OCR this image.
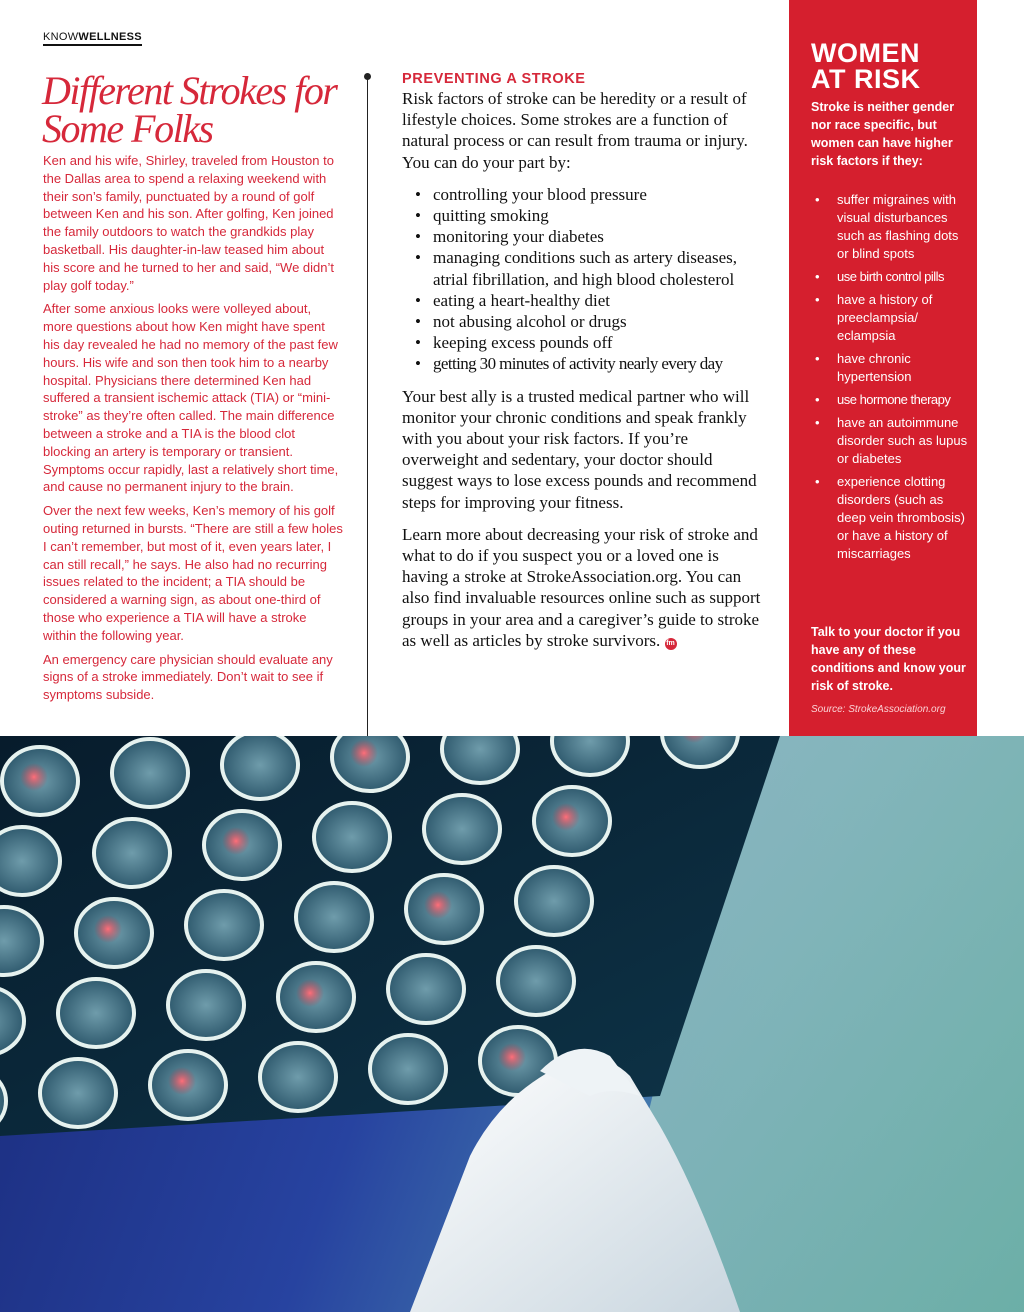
KNOWWELLNESS
Different Strokes for Some Folks

Ken and his wife, Shirley, traveled from Houston to the Dallas area to spend a relaxing weekend with their son’s family, punctuated by a round of golf between Ken and his son. After golfing, Ken joined the family outdoors to watch the grandkids play basketball. His daughter-in-law teased him about his score and he turned to her and said, “We didn’t play golf today.”

After some anxious looks were volleyed about, more questions about how Ken might have spent his day revealed he had no memory of the past few hours. His wife and son then took him to a nearby hospital. Physicians there determined Ken had suffered a transient ischemic attack (TIA) or “mini-stroke” as they’re often called. The main difference between a stroke and a TIA is the blood clot blocking an artery is temporary or transient. Symptoms occur rapidly, last a relatively short time, and cause no permanent injury to the brain.

Over the next few weeks, Ken’s memory of his golf outing returned in bursts. “There are still a few holes I can’t remember, but most of it, even years later, I can still recall,” he says. He also had no recurring issues related to the incident; a TIA should be considered a warning sign, as about one-third of those who experience a TIA will have a stroke within the following year.

An emergency care physician should evaluate any signs of a stroke immediately. Don’t wait to see if symptoms subside.

PREVENTING A STROKE

Risk factors of stroke can be heredity or a result of lifestyle choices. Some strokes are a function of natural process or can result from trauma or injury. You can do your part by:

• controlling your blood pressure
• quitting smoking
• monitoring your diabetes
• managing conditions such as artery diseases, atrial fibrillation, and high blood cholesterol
• eating a heart-healthy diet
• not abusing alcohol or drugs
• keeping excess pounds off
• getting 30 minutes of activity nearly every day

Your best ally is a trusted medical partner who will monitor your chronic conditions and speak frankly with you about your risk factors. If you’re overweight and sedentary, your doctor should suggest ways to lose excess pounds and recommend steps for improving your fitness.

Learn more about decreasing your risk of stroke and what to do if you suspect you or a loved one is having a stroke at StrokeAssociation.org. You can also find invaluable resources online such as support groups in your area and a caregiver’s guide to stroke as well as articles by stroke survivors. fm

WOMEN
AT RISK
Stroke is neither gender nor race specific, but women can have higher risk factors if they:
• suffer migraines with visual disturbances such as flashing dots or blind spots
• use birth control pills
• have a history of preeclampsia/ eclampsia
• have chronic hypertension
• use hormone therapy
• have an autoimmune disorder such as lupus or diabetes
• experience clotting disorders (such as deep vein thrombosis) or have a history of miscarriages
Talk to your doctor if you have any of these conditions and know your risk of stroke.
Source: StrokeAssociation.org
